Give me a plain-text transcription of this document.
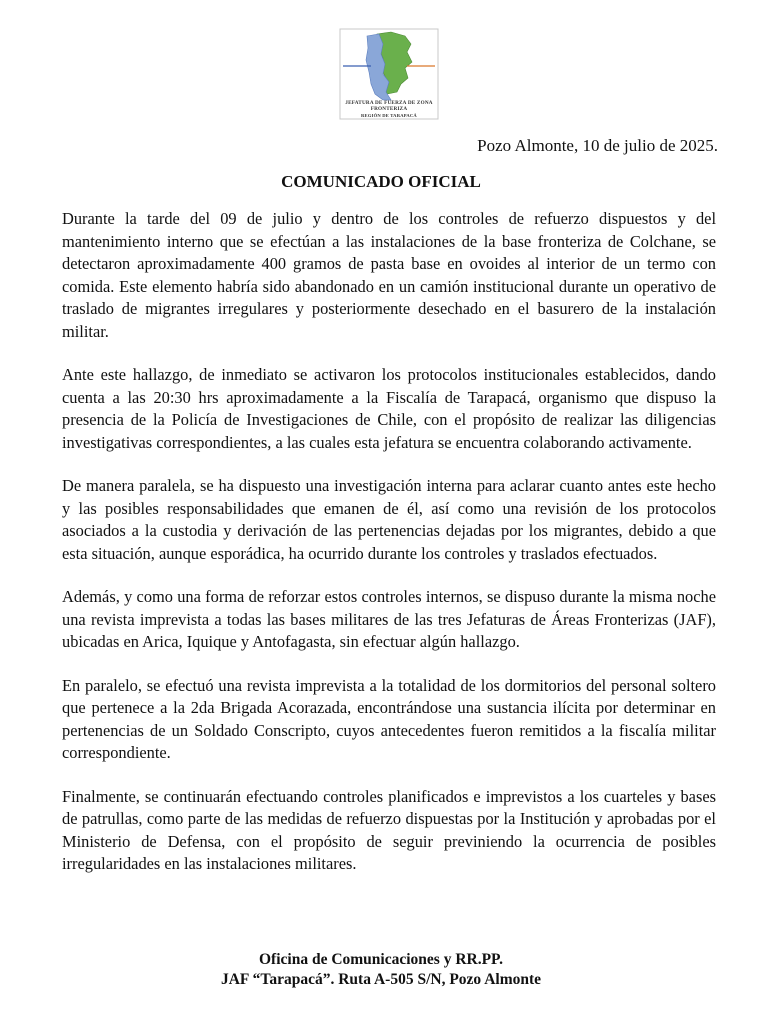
JEFATURA DE FUERZA DE ZONA
FRONTERIZA
REGIÓN DE TARAPACÁ
Pozo Almonte, 10 de julio de 2025.
COMUNICADO OFICIAL

Durante la tarde del 09 de julio y dentro de los controles de refuerzo dispuestos y del mantenimiento interno que se efectúan a las instalaciones de la base fronteriza de Colchane, se detectaron aproximadamente 400 gramos de pasta base en ovoides al interior de un termo con comida. Este elemento habría sido abandonado en un camión institucional durante un operativo de traslado de migrantes irregulares y posteriormente desechado en el basurero de la instalación militar.

Ante este hallazgo, de inmediato se activaron los protocolos institucionales establecidos, dando cuenta a las 20:30 hrs aproximadamente a la Fiscalía de Tarapacá, organismo que dispuso la presencia de la Policía de Investigaciones de Chile, con el propósito de realizar las diligencias investigativas correspondientes, a las cuales esta jefatura se encuentra colaborando activamente.

De manera paralela, se ha dispuesto una investigación interna para aclarar cuanto antes este hecho y las posibles responsabilidades que emanen de él, así como una revisión de los protocolos asociados a la custodia y derivación de las pertenencias dejadas por los migrantes, debido a que esta situación, aunque esporádica, ha ocurrido durante los controles y traslados efectuados.

Además, y como una forma de reforzar estos controles internos, se dispuso durante la misma noche una revista imprevista a todas las bases militares de las tres Jefaturas de Áreas Fronterizas (JAF), ubicadas en Arica, Iquique y Antofagasta, sin efectuar algún hallazgo.

En paralelo, se efectuó una revista imprevista a la totalidad de los dormitorios del personal soltero que pertenece a la 2da Brigada Acorazada, encontrándose una sustancia ilícita por determinar en pertenencias de un Soldado Conscripto, cuyos antecedentes fueron remitidos a la fiscalía militar correspondiente.

Finalmente, se continuarán efectuando controles planificados e imprevistos a los cuarteles y bases de patrullas, como parte de las medidas de refuerzo dispuestas por la Institución y aprobadas por el Ministerio de Defensa, con el propósito de seguir previniendo la ocurrencia de posibles irregularidades en las instalaciones militares.

Oficina de Comunicaciones y RR.PP.
JAF “Tarapacá”. Ruta A-505 S/N, Pozo Almonte
